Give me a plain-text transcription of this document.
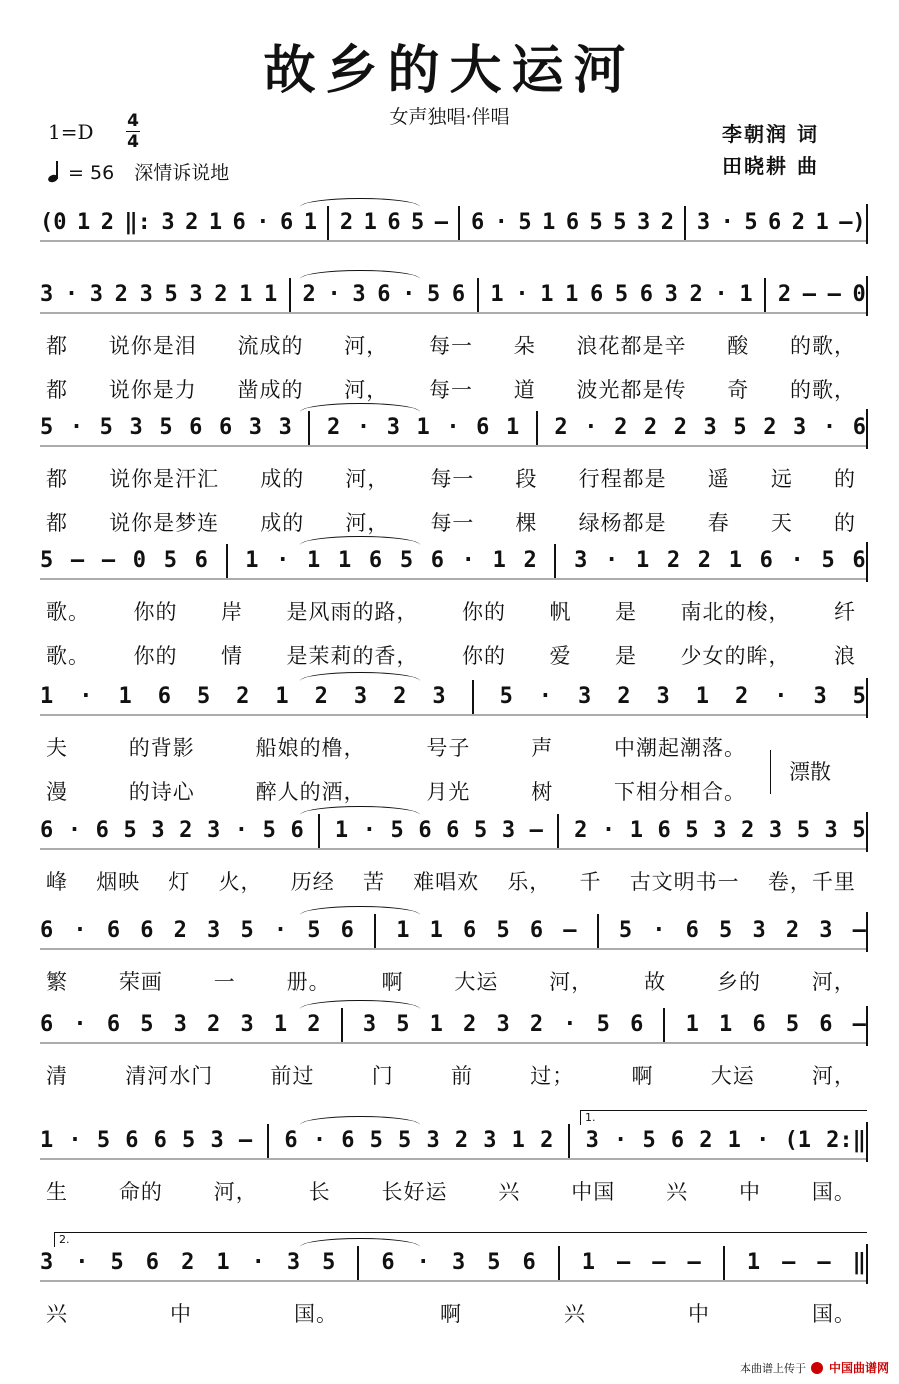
故乡的大运河
女声独唱·伴唱
1=D 4
4
= 56 深情诉说地
李朝润 词
田晓耕 曲
(0 1 2 ‖: 3 2 1 6 · 6 1 2 1 6 5 – 6 · 5 1 6 5 5 3 2 3 · 5 6 2 1 –)
3 · 3 2 3 5 3 2 1 1 2 · 3 6 · 5 6 1 · 1 1 6 5 6 3 2 · 1 2 – – 0
都 说你是泪 流成的 河， 每一 朵 浪花都是辛 酸 的歌，
都 说你是力 凿成的 河， 每一 道 波光都是传 奇 的歌，
5 · 5 3 5 6 6 3 3 2 · 3 1 · 6 1 2 · 2 2 2 3 5 2 3 · 6
都 说你是汗汇 成的 河， 每一 段 行程都是 遥 远 的
都 说你是梦连 成的 河， 每一 棵 绿杨都是 春 天 的
5 – – 0 5 6 1 · 1 1 6 5 6 · 1 2 3 · 1 2 2 1 6 · 5 6
歌。 你的 岸 是风雨的路， 你的 帆 是 南北的梭， 纤
歌。 你的 情 是茉莉的香， 你的 爱 是 少女的眸， 浪
1 · 1 6 5 2 1 2 3 2 3 5 · 3 2 3 1 2 · 3 5
夫	的背影	船娘的橹，	号子	声	中潮起潮落。
漫	的诗心	醉人的酒，	月光	树	下相分相合。
漂散
6 · 6 5 3 2 3 · 5 6 1 · 5 6 6 5 3 – 2 · 1 6 5 3 2 3 5 3 5
峰 烟映 灯 火， 历经 苦 难唱欢 乐， 千 古文明书一 卷，千里
6 · 6 6 2 3 5 · 5 6 1 1 6 5 6 – 5 · 6 5 3 2 3 –
繁 荣画 一 册。 啊 大运 河， 故 乡的 河，
6 · 6 5 3 2 3 1 2 3 5 1 2 3 2 · 5 6 1 1 6 5 6 –
清	清河水门	前过	门	前	过；	啊	大运	河，
1.
1 · 5 6 6 5 3 – 6 · 6 5 5 3 2 3 1 2 3 · 5 6 2 1 · (1 2:‖
生 命的 河， 长 长好运 兴 中国 兴 中 国。
2.
3 · 5 6 2 1 · 3 5 6 · 3 5 6 1 – – – 1 – – ‖
兴	中	国。	啊	兴	中	国。
本曲谱上传于 中国曲谱网
